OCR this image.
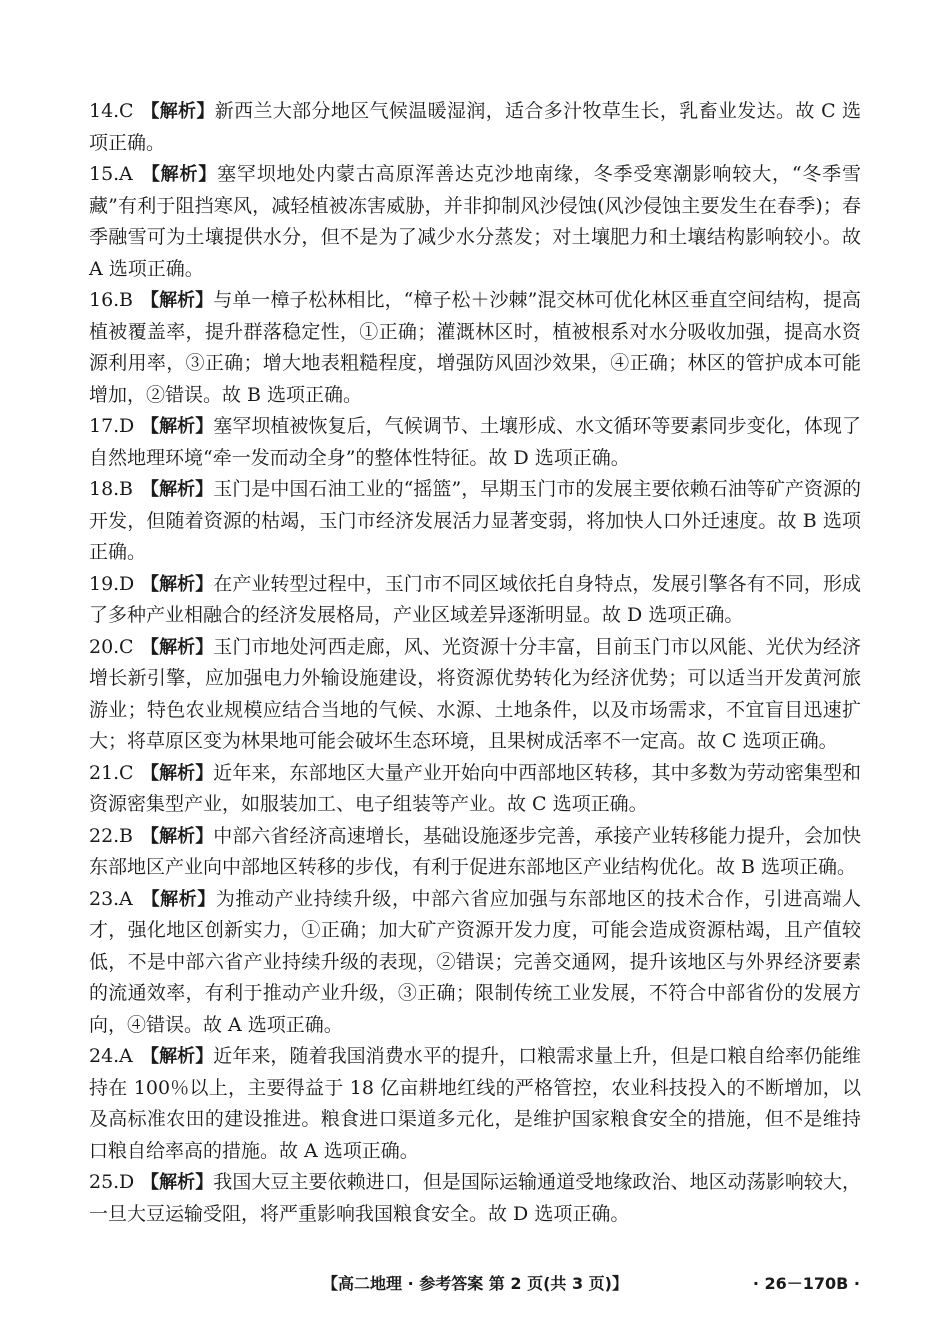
14.C 【解析】新西兰大部分地区气候温暖湿润，适合多汁牧草生长，乳畜业发达。故 C 选项正确。

15.A 【解析】塞罕坝地处内蒙古高原浑善达克沙地南缘，冬季受寒潮影响较大，“冬季雪藏”有利于阻挡寒风，减轻植被冻害威胁，并非抑制风沙侵蚀(风沙侵蚀主要发生在春季)；春季融雪可为土壤提供水分，但不是为了减少水分蒸发；对土壤肥力和土壤结构影响较小。故 A 选项正确。

16.B 【解析】与单一樟子松林相比，“樟子松＋沙棘”混交林可优化林区垂直空间结构，提高植被覆盖率，提升群落稳定性，①正确；灌溉林区时，植被根系对水分吸收加强，提高水资源利用率，③正确；增大地表粗糙程度，增强防风固沙效果，④正确；林区的管护成本可能增加，②错误。故 B 选项正确。

17.D 【解析】塞罕坝植被恢复后，气候调节、土壤形成、水文循环等要素同步变化，体现了自然地理环境“牵一发而动全身”的整体性特征。故 D 选项正确。

18.B 【解析】玉门是中国石油工业的“摇篮”，早期玉门市的发展主要依赖石油等矿产资源的开发，但随着资源的枯竭，玉门市经济发展活力显著变弱，将加快人口外迁速度。故 B 选项正确。

19.D 【解析】在产业转型过程中，玉门市不同区域依托自身特点，发展引擎各有不同，形成了多种产业相融合的经济发展格局，产业区域差异逐渐明显。故 D 选项正确。

20.C 【解析】玉门市地处河西走廊，风、光资源十分丰富，目前玉门市以风能、光伏为经济增长新引擎，应加强电力外输设施建设，将资源优势转化为经济优势；可以适当开发黄河旅游业；特色农业规模应结合当地的气候、水源、土地条件，以及市场需求，不宜盲目迅速扩大；将草原区变为林果地可能会破坏生态环境，且果树成活率不一定高。故 C 选项正确。

21.C 【解析】近年来，东部地区大量产业开始向中西部地区转移，其中多数为劳动密集型和资源密集型产业，如服装加工、电子组装等产业。故 C 选项正确。

22.B 【解析】中部六省经济高速增长，基础设施逐步完善，承接产业转移能力提升，会加快东部地区产业向中部地区转移的步伐，有利于促进东部地区产业结构优化。故 B 选项正确。

23.A 【解析】为推动产业持续升级，中部六省应加强与东部地区的技术合作，引进高端人才，强化地区创新实力，①正确；加大矿产资源开发力度，可能会造成资源枯竭，且产值较低，不是中部六省产业持续升级的表现，②错误；完善交通网，提升该地区与外界经济要素的流通效率，有利于推动产业升级，③正确；限制传统工业发展，不符合中部省份的发展方向，④错误。故 A 选项正确。

24.A 【解析】近年来，随着我国消费水平的提升，口粮需求量上升，但是口粮自给率仍能维持在 100％以上，主要得益于 18 亿亩耕地红线的严格管控，农业科技投入的不断增加，以及高标准农田的建设推进。粮食进口渠道多元化，是维护国家粮食安全的措施，但不是维持口粮自给率高的措施。故 A 选项正确。

25.D 【解析】我国大豆主要依赖进口，但是国际运输通道受地缘政治、地区动荡影响较大，一旦大豆运输受阻，将严重影响我国粮食安全。故 D 选项正确。

【高二地理 · 参考答案 第 2 页(共 3 页)】	· 26－170B ·
